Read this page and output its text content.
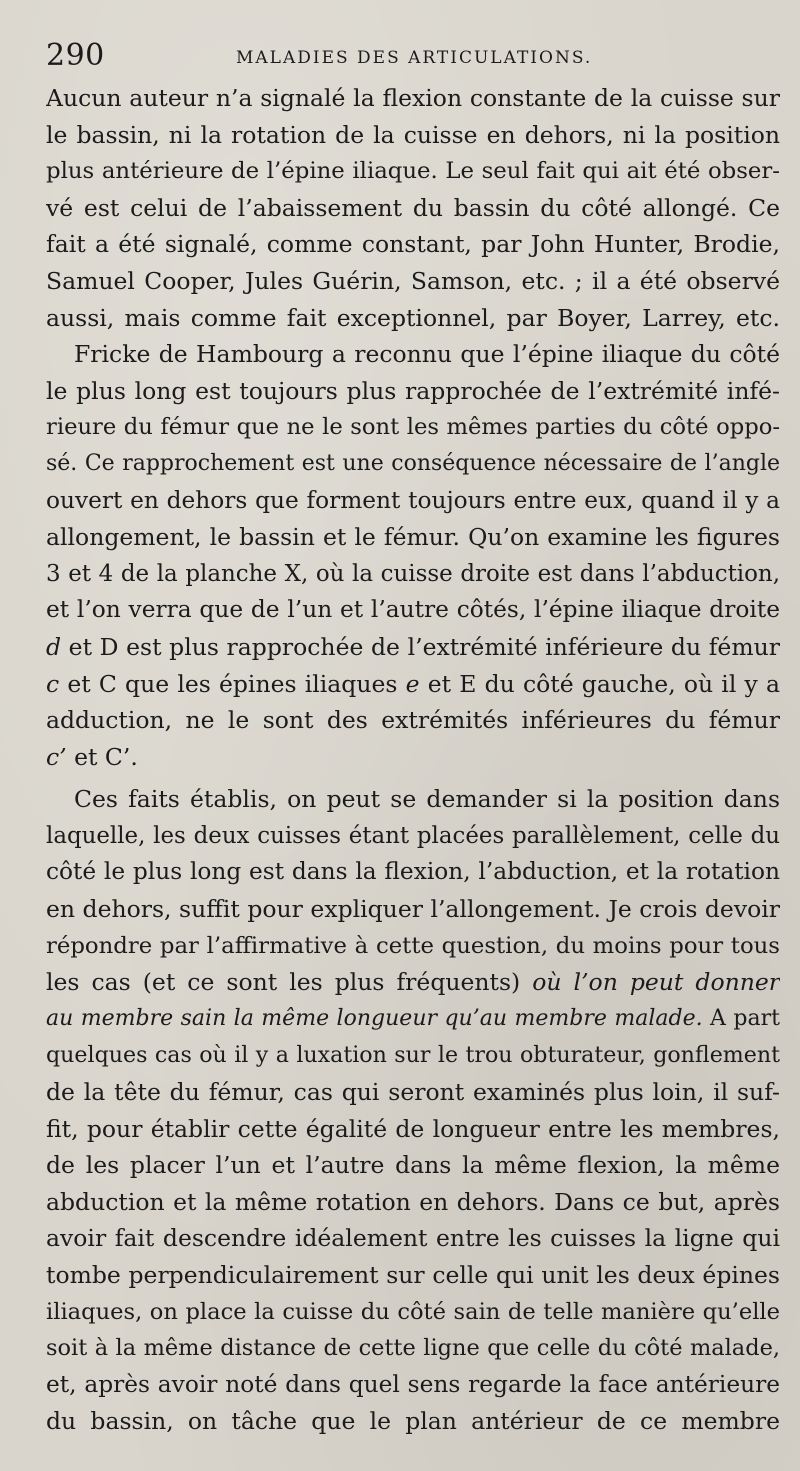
290	MALADIES DES ARTICULATIONS.
Aucun auteur n’a signalé la flexion constante de la cuisse sur
le bassin, ni la rotation de la cuisse en dehors, ni la position
plus antérieure de l’épine iliaque. Le seul fait qui ait été obser-
vé est celui de l’abaissement du bassin du côté allongé. Ce
fait a été signalé, comme constant, par John Hunter, Brodie,
Samuel Cooper, Jules Guérin, Samson, etc. ; il a été observé
aussi, mais comme fait exceptionnel, par Boyer, Larrey, etc.
Fricke de Hambourg a reconnu que l’épine iliaque du côté
le plus long est toujours plus rapprochée de l’extrémité infé-
rieure du fémur que ne le sont les mêmes parties du côté oppo-
sé. Ce rapprochement est une conséquence nécessaire de l’angle
ouvert en dehors que forment toujours entre eux, quand il y a
allongement, le bassin et le fémur. Qu’on examine les figures
3 et 4 de la planche X, où la cuisse droite est dans l’abduction,
et l’on verra que de l’un et l’autre côtés, l’épine iliaque droite
d et D est plus rapprochée de l’extrémité inférieure du fémur
c et C que les épines iliaques e et E du côté gauche, où il y a
adduction, ne le sont des extrémités inférieures du fémur
c’ et C’.
Ces faits établis, on peut se demander si la position dans
laquelle, les deux cuisses étant placées parallèlement, celle du
côté le plus long est dans la flexion, l’abduction, et la rotation
en dehors, suffit pour expliquer l’allongement. Je crois devoir
répondre par l’affirmative à cette question, du moins pour tous
les cas (et ce sont les plus fréquents) où l’on peut donner
au membre sain la même longueur qu’au membre malade. A part
quelques cas où il y a luxation sur le trou obturateur, gonflement
de la tête du fémur, cas qui seront examinés plus loin, il suf-
fit, pour établir cette égalité de longueur entre les membres,
de les placer l’un et l’autre dans la même flexion, la même
abduction et la même rotation en dehors. Dans ce but, après
avoir fait descendre idéalement entre les cuisses la ligne qui
tombe perpendiculairement sur celle qui unit les deux épines
iliaques, on place la cuisse du côté sain de telle manière qu’elle
soit à la même distance de cette ligne que celle du côté malade,
et, après avoir noté dans quel sens regarde la face antérieure
du bassin, on tâche que le plan antérieur de ce membre
